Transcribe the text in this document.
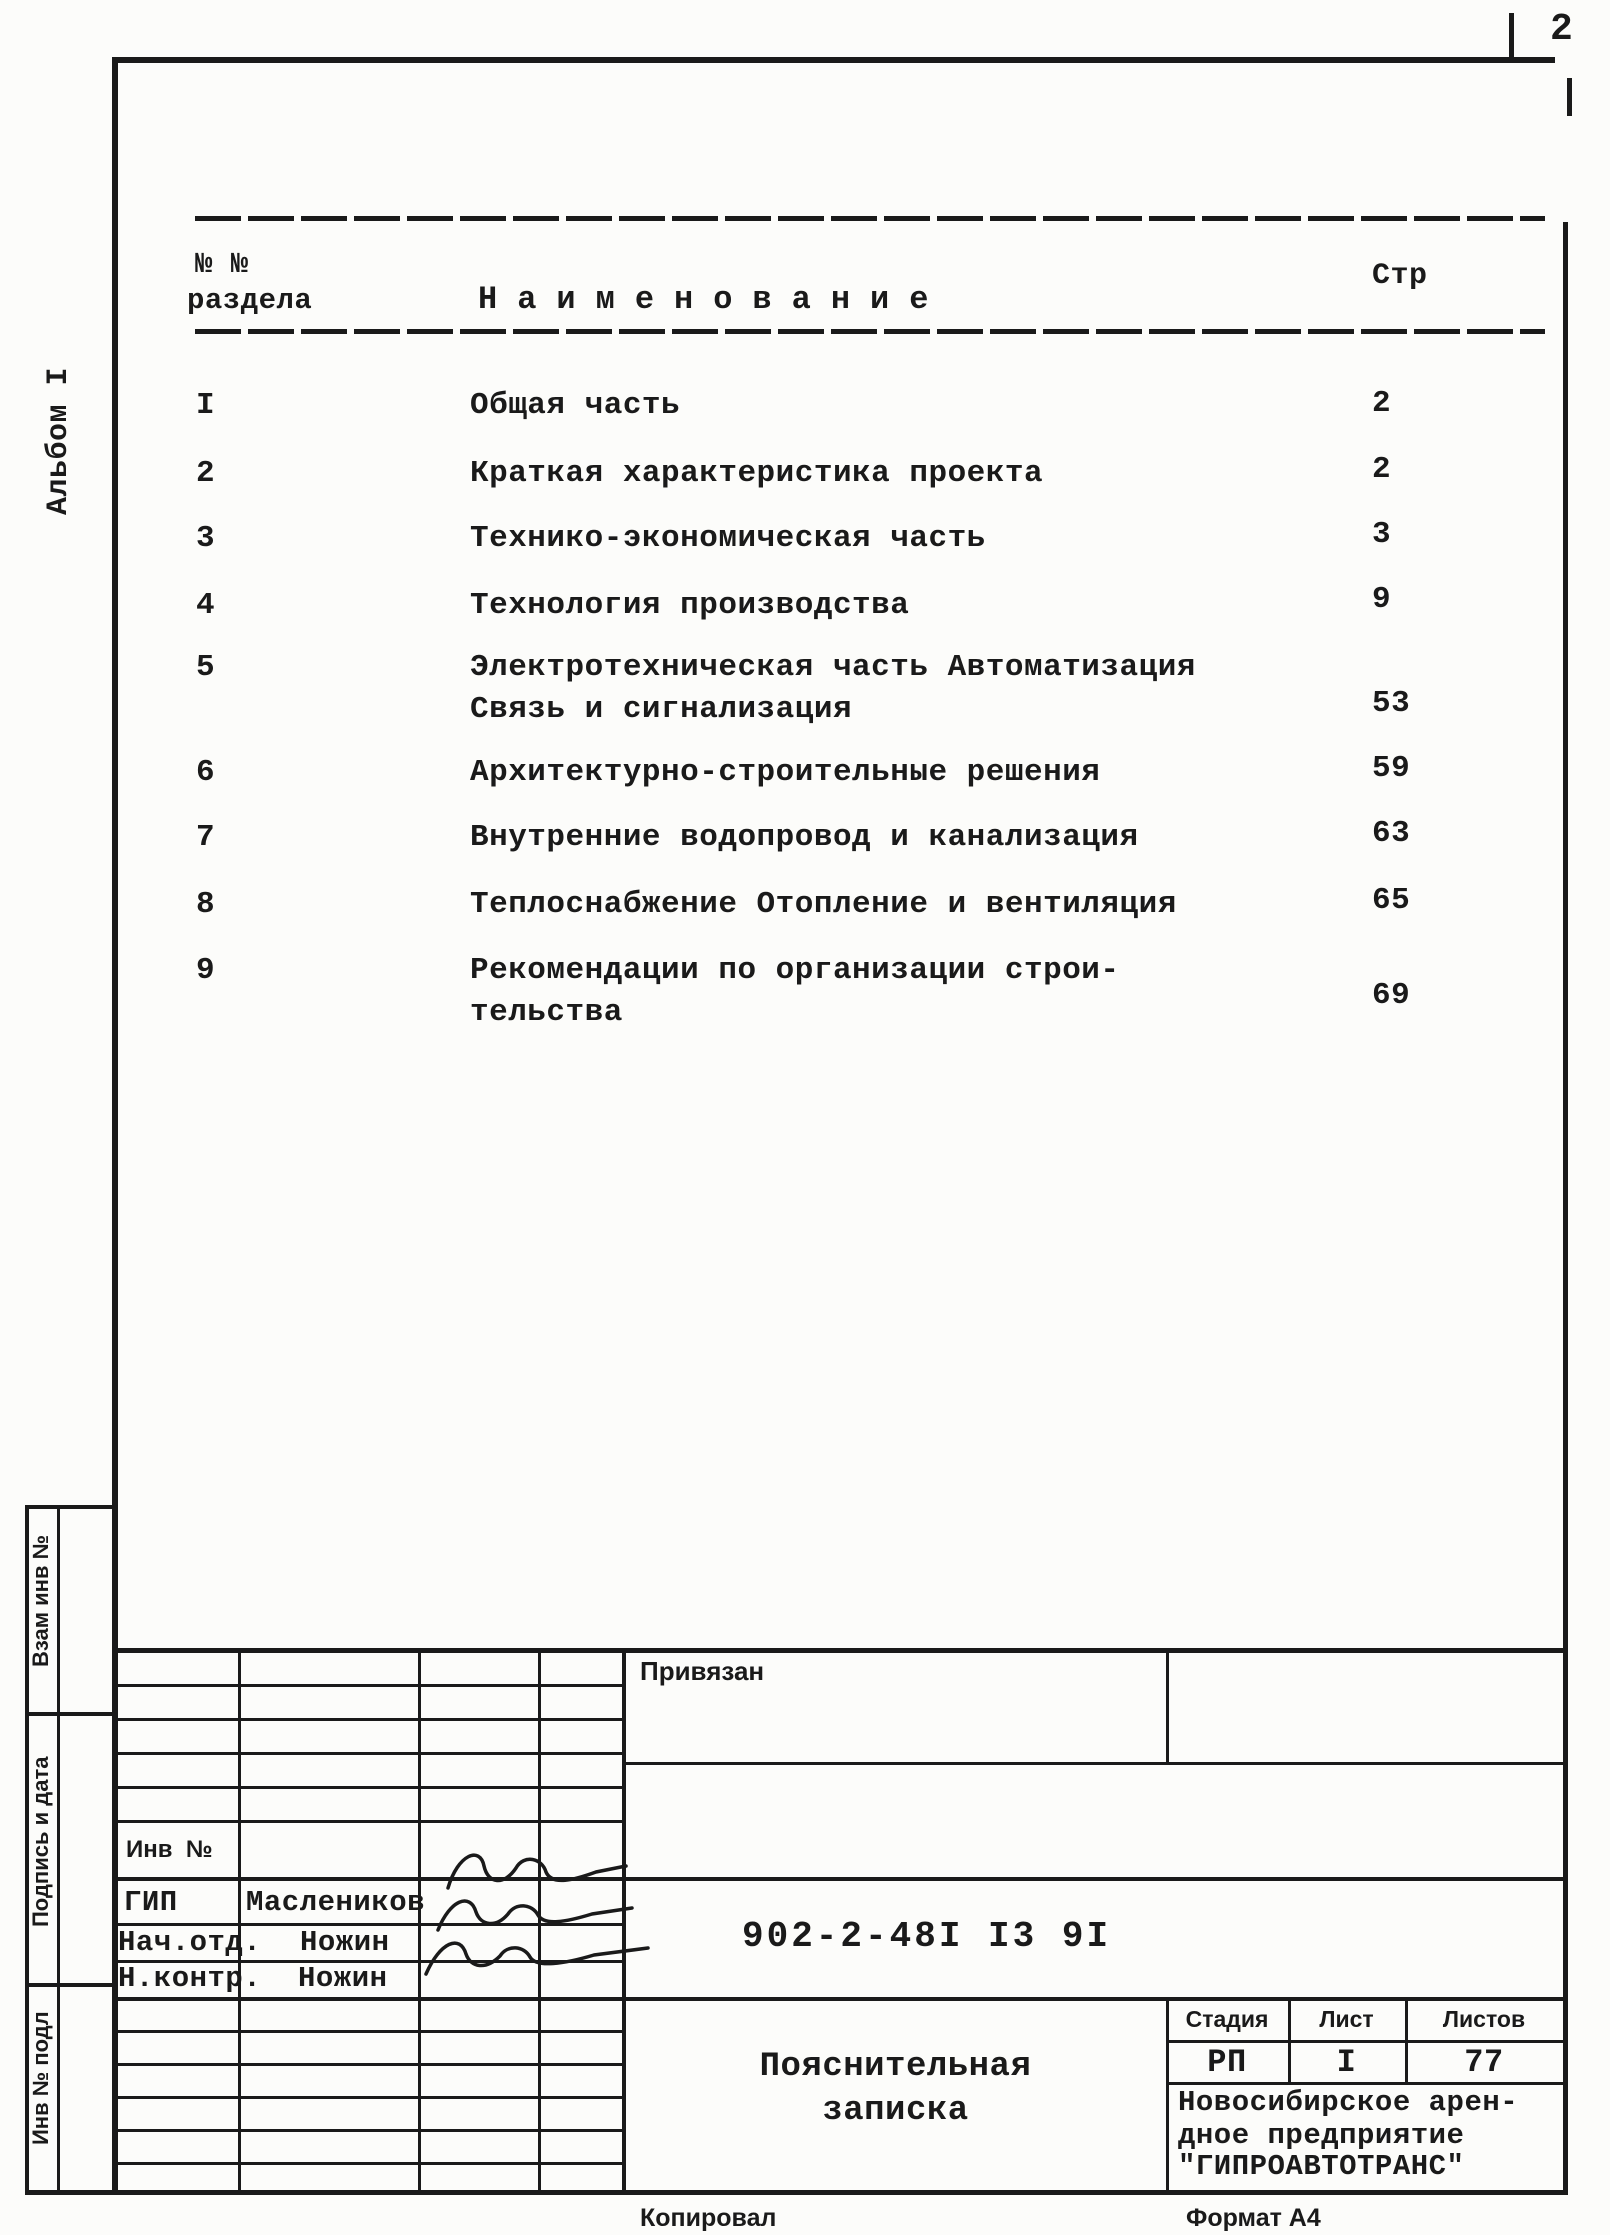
2
Альбом I
№ №
раздела	Наименование
Стр
I	Общая часть	2
2	Краткая характеристика проекта	2
3	Технико-экономическая часть	3
4	Технология производства	9
5	Электротехническая часть Автоматизация
Связь и сигнализация	53
6	Архитектурно-строительные решения	59
7	Внутренние водопровод и канализация	63
8	Теплоснабжение Отопление и вентиляция	65
9	Рекомендации по организации строи-
тельства	69
Взам инв №
Подпись и дата
Инв № подл
Инв  №
ГИП Маслеников
Нач.отд. Ножин
Н.контр. Ножин
Привязан
902-2-48I I3 9I
Пояснительная
записка
Стадия	Лист	Листов
РП	I	77
Новосибирское арен-
дное предприятие
"ГИПРОАВТОТРАНС"
Копировал	Формат А4
